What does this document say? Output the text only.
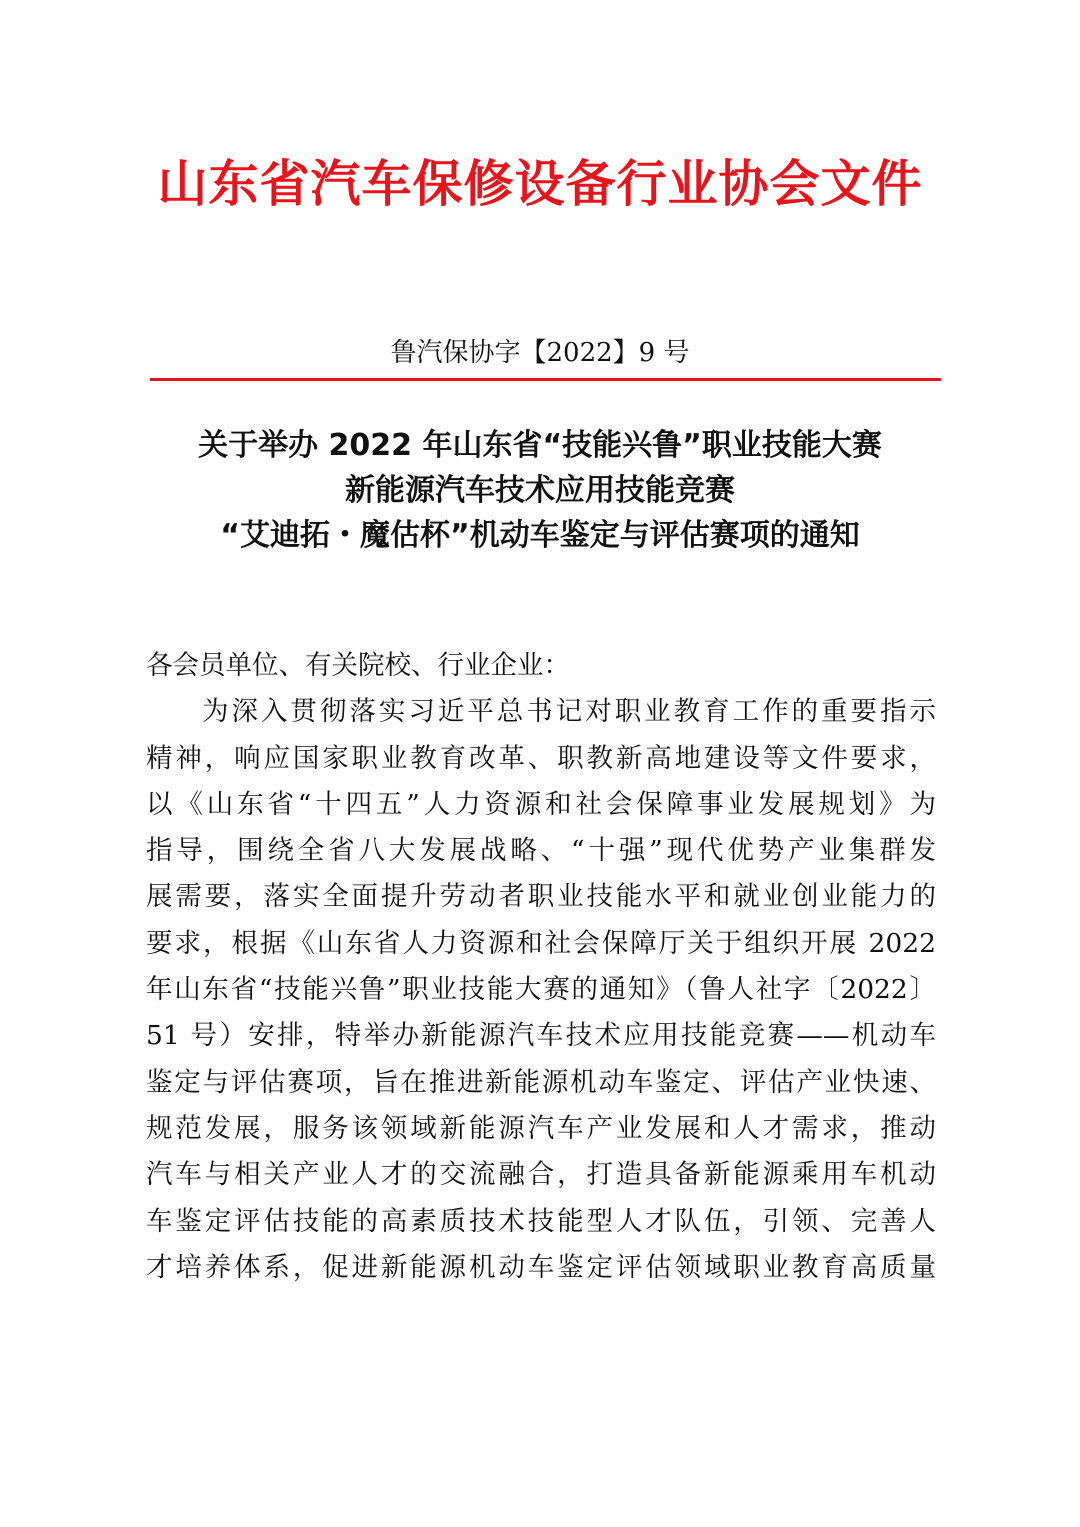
山东省汽车保修设备行业协会文件
鲁汽保协字【2022】9 号
关于举办 2022 年山东省“技能兴鲁”职业技能大赛
新能源汽车技术应用技能竞赛
“艾迪拓・魔估杯”机动车鉴定与评估赛项的通知
各会员单位、有关院校、行业企业：
为深入贯彻落实习近平总书记对职业教育工作的重要指示
精神，响应国家职业教育改革、职教新高地建设等文件要求，
以《山东省“十四五”人力资源和社会保障事业发展规划》为
指导，围绕全省八大发展战略、“十强”现代优势产业集群发
展需要，落实全面提升劳动者职业技能水平和就业创业能力的
要求，根据《山东省人力资源和社会保障厅关于组织开展 2022
年山东省“技能兴鲁”职业技能大赛的通知》（鲁人社字〔2022〕
51 号）安排，特举办新能源汽车技术应用技能竞赛——机动车
鉴定与评估赛项，旨在推进新能源机动车鉴定、评估产业快速、
规范发展，服务该领域新能源汽车产业发展和人才需求，推动
汽车与相关产业人才的交流融合，打造具备新能源乘用车机动
车鉴定评估技能的高素质技术技能型人才队伍，引领、完善人
才培养体系，促进新能源机动车鉴定评估领域职业教育高质量
